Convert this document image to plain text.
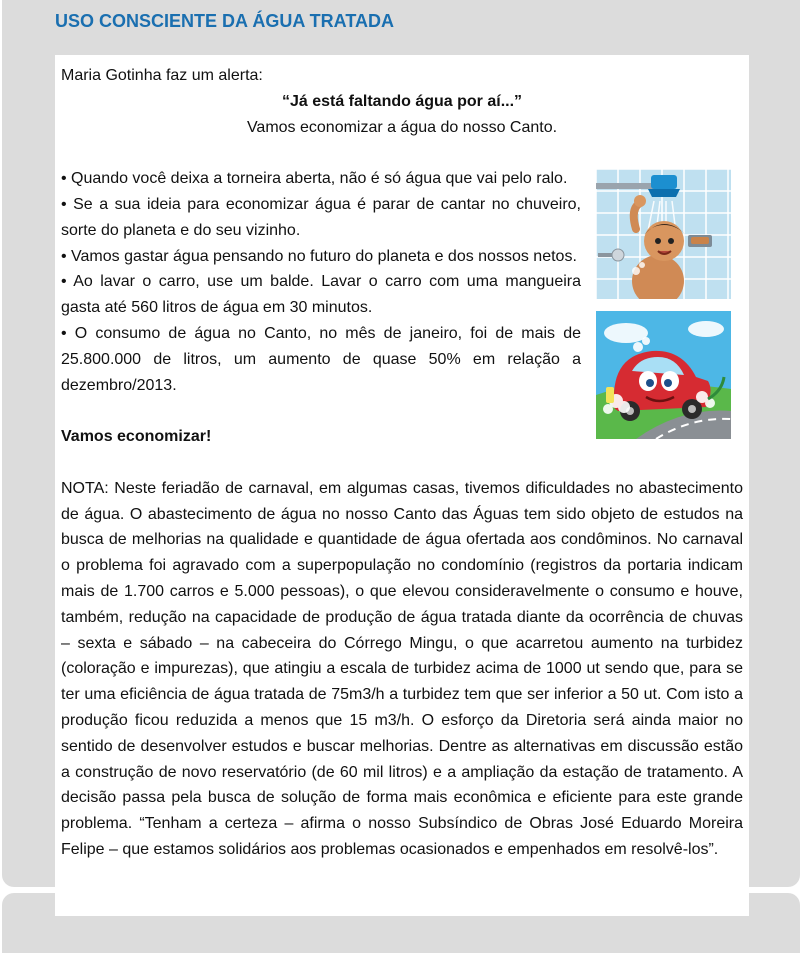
USO CONSCIENTE DA ÁGUA TRATADA

Maria Gotinha faz um alerta:

“Já está faltando água por aí...”

Vamos economizar a água do nosso Canto.

• Quando você deixa a torneira aberta, não é só água que vai pelo ralo.

• Se a sua ideia para economizar água é parar de cantar no chuveiro, sorte do planeta e do seu vizinho.

• Vamos gastar água pensando no futuro do planeta e dos nossos netos.

• Ao lavar o carro, use um balde. Lavar o carro com uma mangueira gasta até 560 litros de água em 30 minutos.

• O consumo de água no Canto, no mês de janeiro, foi de mais de 25.800.000 de litros, um aumento de quase 50% em relação a dezembro/2013.

Vamos economizar!

NOTA: Neste feriadão de carnaval, em algumas casas, tivemos dificuldades no abastecimento de água. O abastecimento de água no nosso Canto das Águas tem sido objeto de estudos na busca de melhorias na qualidade e quantidade de água ofertada aos condôminos. No carnaval o problema foi agravado com a superpopulação no condomínio (registros da portaria indicam mais de 1.700 carros e 5.000 pessoas), o que elevou consideravelmente o consumo e houve, também, redução na capacidade de produção de água tratada diante da ocorrência de chuvas – sexta e sábado – na cabeceira do Córrego Mingu, o que acarretou aumento na turbidez (coloração e impurezas), que atingiu a escala de turbidez acima de 1000 ut sendo que, para se ter uma eficiência de água tratada de 75m3/h a turbidez tem que ser inferior a 50 ut. Com isto a produção ficou reduzida a menos que 15 m3/h. O esforço da Diretoria será ainda maior no sentido de desenvolver estudos e buscar melhorias. Dentre as alternativas em discussão estão a construção de novo reservatório (de 60 mil litros) e a ampliação da estação de tratamento. A decisão passa pela busca de solução de forma mais econômica e eficiente para este grande problema. “Tenham a certeza – afirma o nosso Subsíndico de Obras José Eduardo Moreira Felipe – que estamos solidários aos problemas ocasionados e empenhados em resolvê-los”.
